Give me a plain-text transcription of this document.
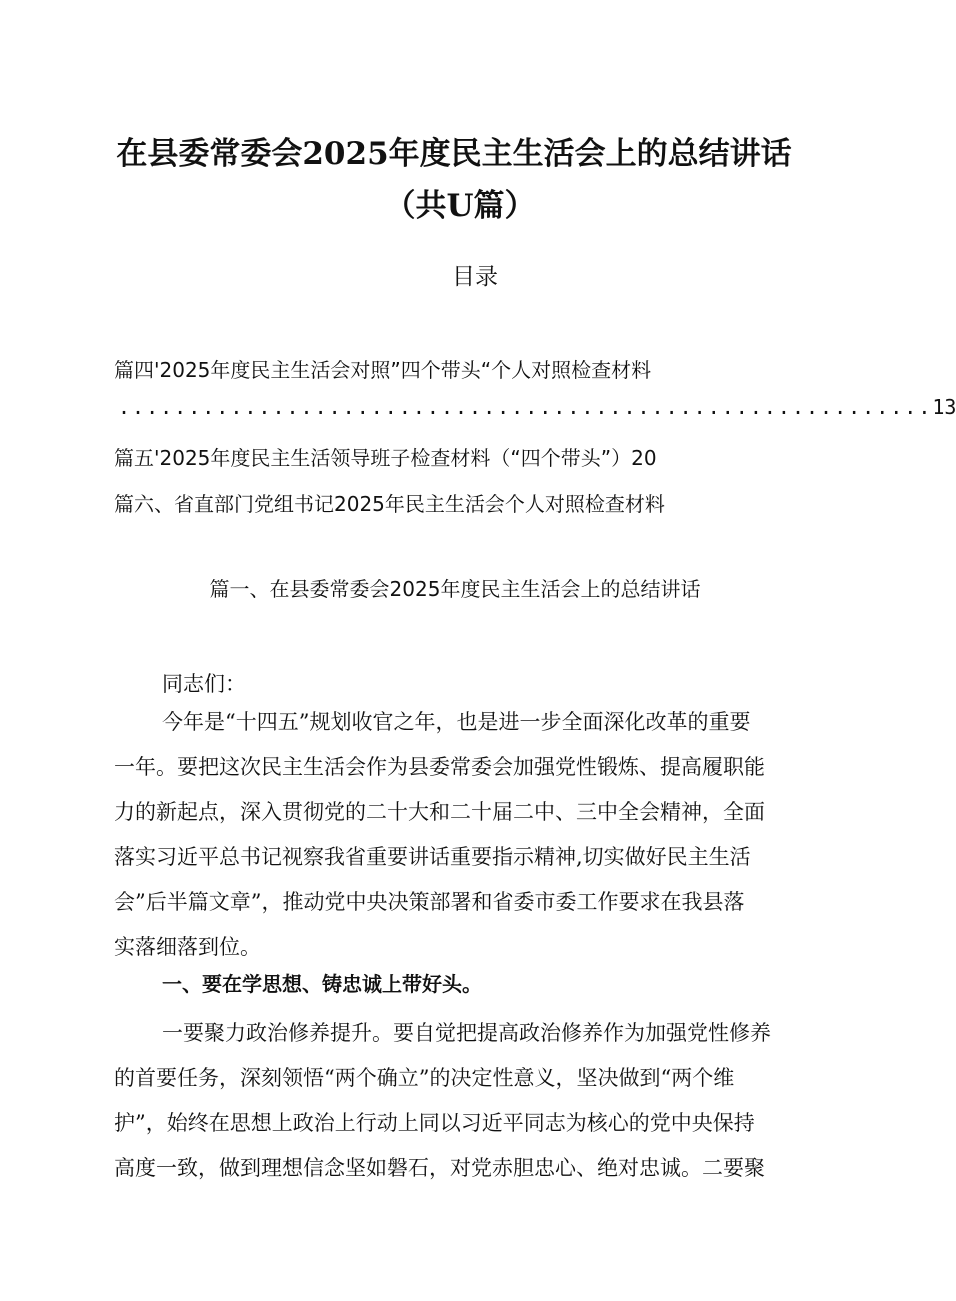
在县委常委会2025年度民主生活会上的总结讲话
（共U篇）
目录
篇四'2025年度民主生活会对照”四个带头“个人对照检查材料
.......................................................... 13
篇五'2025年度民主生活领导班子检查材料（“四个带头”）20
篇六、省直部门党组书记2025年民主生活会个人对照检查材料
篇一、在县委常委会2025年度民主生活会上的总结讲话
同志们：
今年是“十四五”规划收官之年，也是进一步全面深化改革的重要
一年。要把这次民主生活会作为县委常委会加强党性锻炼、提高履职能
力的新起点，深入贯彻党的二十大和二十届二中、三中全会精神，全面
落实习近平总书记视察我省重要讲话重要指示精神,切实做好民主生活
会”后半篇文章”，推动党中央决策部署和省委市委工作要求在我县落
实落细落到位。
一、要在学思想、铸忠诚上带好头。
一要聚力政治修养提升。要自觉把提高政治修养作为加强党性修养
的首要任务，深刻领悟“两个确立”的决定性意义，坚决做到“两个维
护”，始终在思想上政治上行动上同以习近平同志为核心的党中央保持
高度一致，做到理想信念坚如磐石，对党赤胆忠心、绝对忠诚。二要聚
